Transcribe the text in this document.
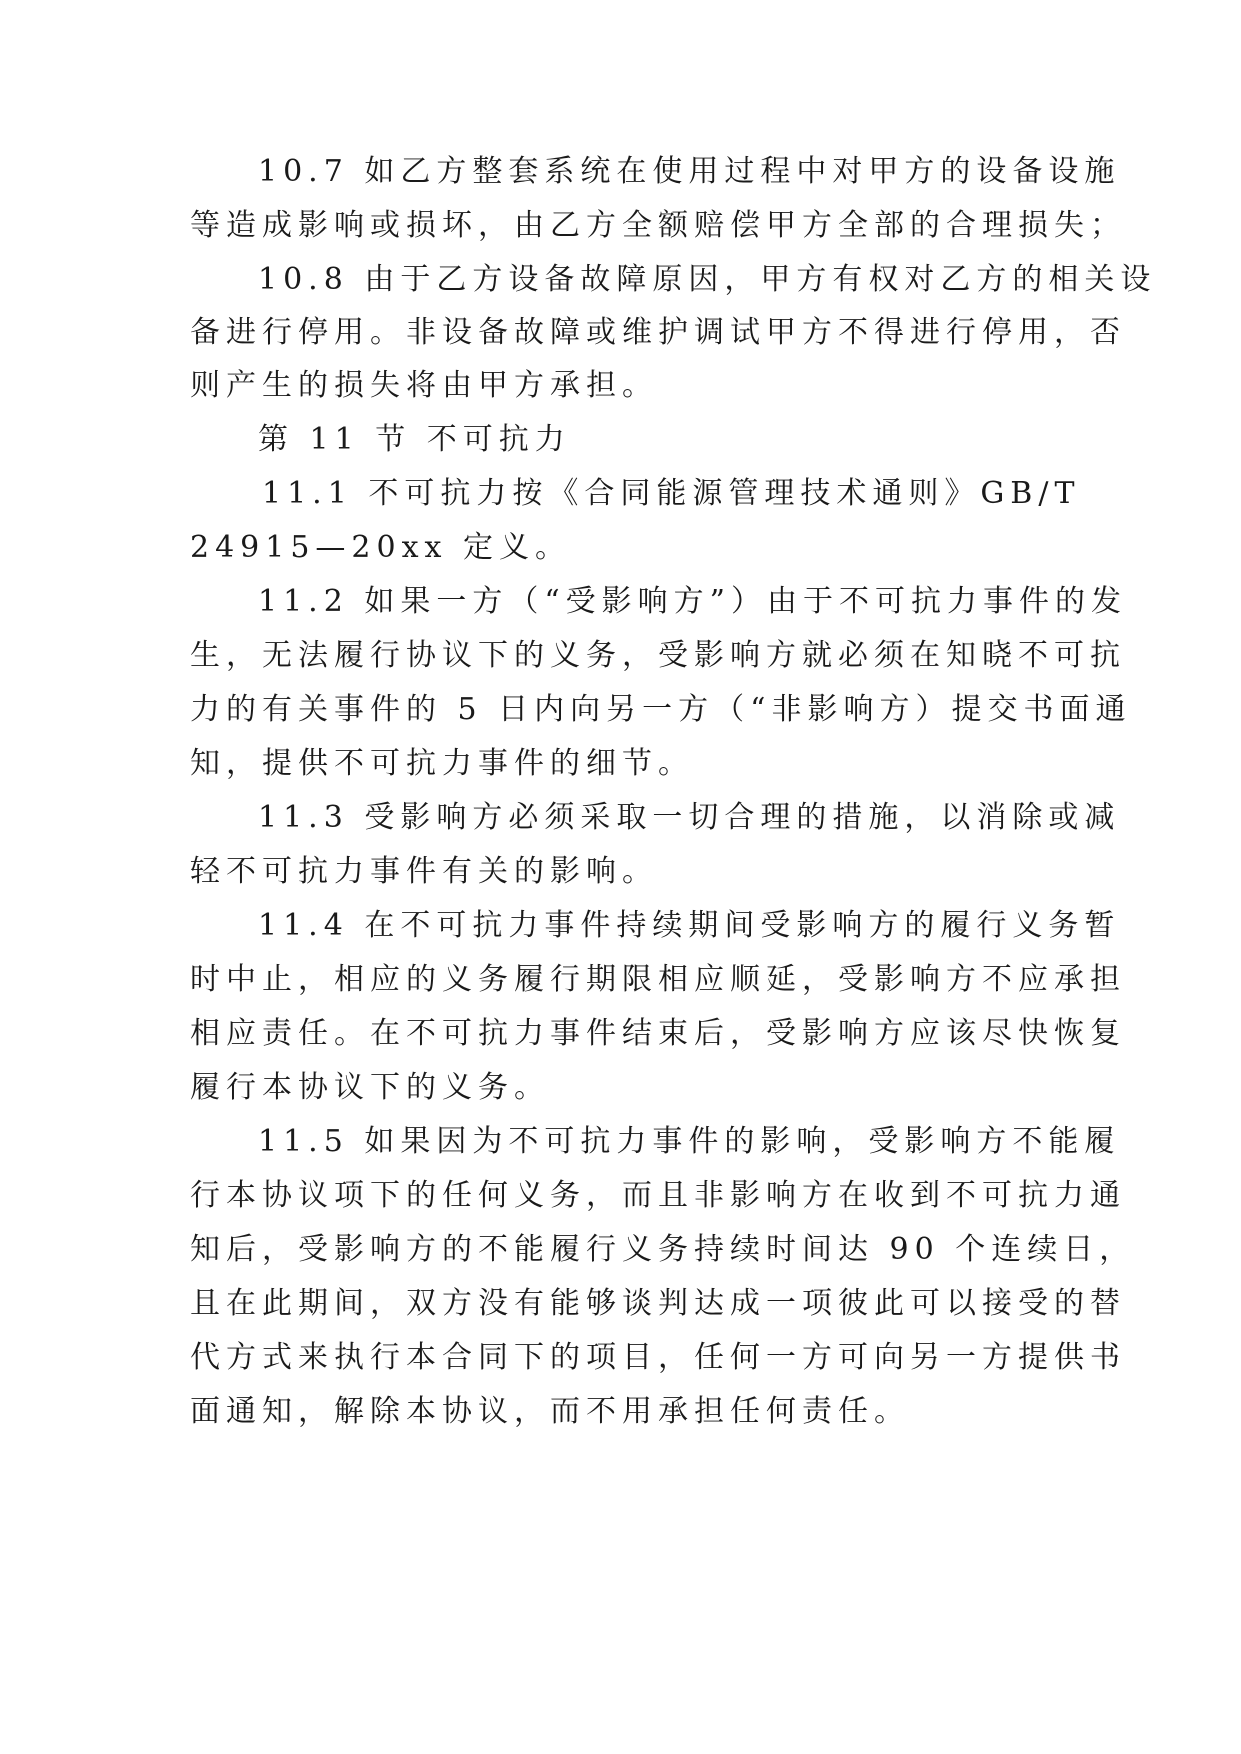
10.7 如乙方整套系统在使用过程中对甲方的设备设施
等造成影响或损坏，由乙方全额赔偿甲方全部的合理损失；
10.8 由于乙方设备故障原因，甲方有权对乙方的相关设
备进行停用。非设备故障或维护调试甲方不得进行停用，否
则产生的损失将由甲方承担。
第 11 节 不可抗力
11.1 不可抗力按《合同能源管理技术通则》GB/T
24915—20xx 定义。
11.2 如果一方（“受影响方”）由于不可抗力事件的发
生，无法履行协议下的义务，受影响方就必须在知晓不可抗
力的有关事件的 5 日内向另一方（“非影响方）提交书面通
知，提供不可抗力事件的细节。
11.3 受影响方必须采取一切合理的措施，以消除或减
轻不可抗力事件有关的影响。
11.4 在不可抗力事件持续期间受影响方的履行义务暂
时中止，相应的义务履行期限相应顺延，受影响方不应承担
相应责任。在不可抗力事件结束后，受影响方应该尽快恢复
履行本协议下的义务。
11.5 如果因为不可抗力事件的影响，受影响方不能履
行本协议项下的任何义务，而且非影响方在收到不可抗力通
知后，受影响方的不能履行义务持续时间达 90 个连续日，
且在此期间，双方没有能够谈判达成一项彼此可以接受的替
代方式来执行本合同下的项目，任何一方可向另一方提供书
面通知，解除本协议，而不用承担任何责任。
